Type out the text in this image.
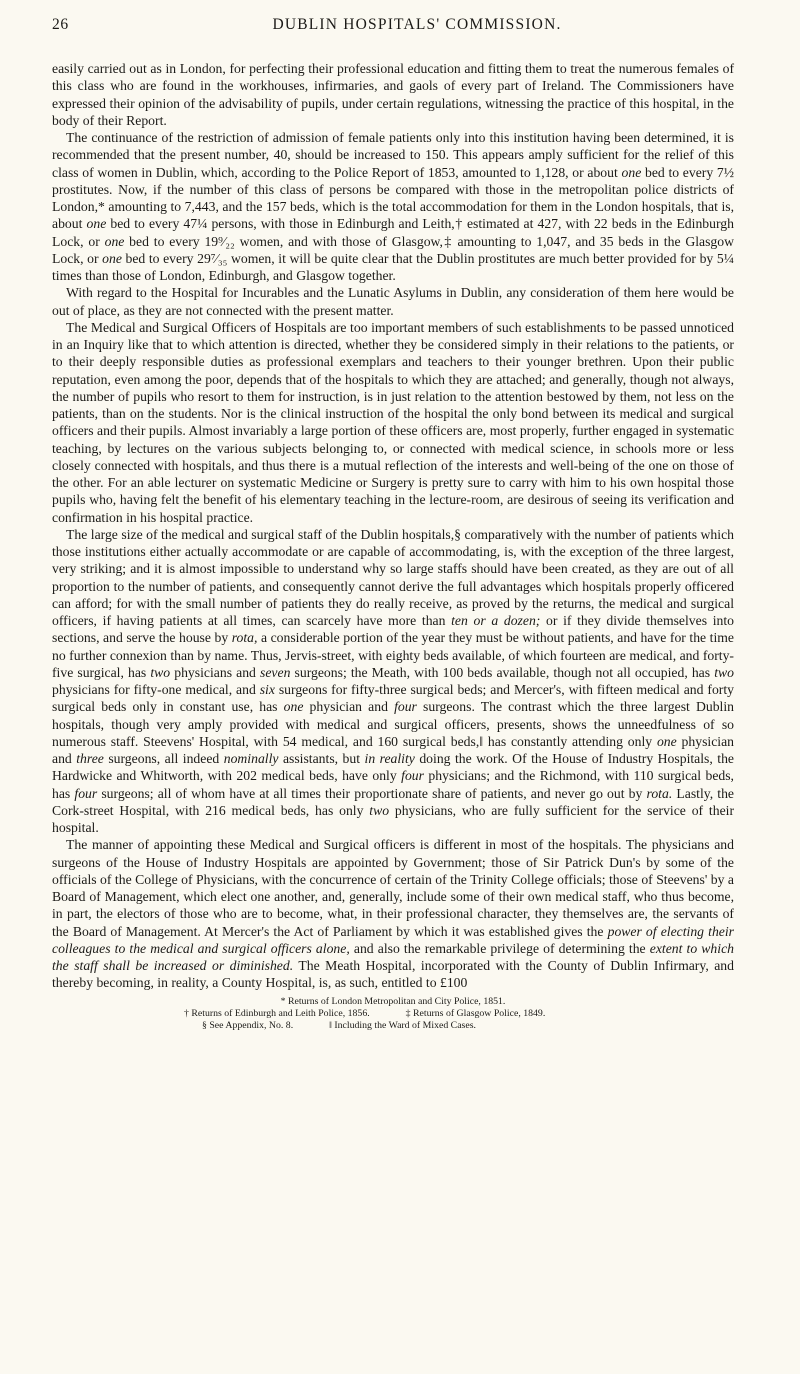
26	DUBLIN HOSPITALS' COMMISSION.

easily carried out as in London, for perfecting their professional education and fitting them to treat the numerous females of this class who are found in the workhouses, infirmaries, and gaols of every part of Ireland. The Commissioners have expressed their opinion of the advisability of pupils, under certain regulations, witnessing the practice of this hospital, in the body of their Report.

The continuance of the restriction of admission of female patients only into this institution having been determined, it is recommended that the present number, 40, should be increased to 150. This appears amply sufficient for the relief of this class of women in Dublin, which, according to the Police Report of 1853, amounted to 1,128, or about one bed to every 7½ prostitutes. Now, if the number of this class of persons be compared with those in the metropolitan police districts of London,* amounting to 7,443, and the 157 beds, which is the total accommodation for them in the London hospitals, that is, about one bed to every 47¼ persons, with those in Edinburgh and Leith,† estimated at 427, with 22 beds in the Edinburgh Lock, or one bed to every 19⁹⁄₂₂ women, and with those of Glasgow,‡ amounting to 1,047, and 35 beds in the Glasgow Lock, or one bed to every 29⁷⁄₃₅ women, it will be quite clear that the Dublin prostitutes are much better provided for by 5¼ times than those of London, Edinburgh, and Glasgow together.

With regard to the Hospital for Incurables and the Lunatic Asylums in Dublin, any consideration of them here would be out of place, as they are not connected with the present matter.

The Medical and Surgical Officers of Hospitals are too important members of such establishments to be passed unnoticed in an Inquiry like that to which attention is directed, whether they be considered simply in their relations to the patients, or to their deeply responsible duties as professional exemplars and teachers to their younger brethren. Upon their public reputation, even among the poor, depends that of the hospitals to which they are attached; and generally, though not always, the number of pupils who resort to them for instruction, is in just relation to the attention bestowed by them, not less on the patients, than on the students. Nor is the clinical instruction of the hospital the only bond between its medical and surgical officers and their pupils. Almost invariably a large portion of these officers are, most properly, further engaged in systematic teaching, by lectures on the various subjects belonging to, or connected with medical science, in schools more or less closely connected with hospitals, and thus there is a mutual reflection of the interests and well-being of the one on those of the other. For an able lecturer on systematic Medicine or Surgery is pretty sure to carry with him to his own hospital those pupils who, having felt the benefit of his elementary teaching in the lecture-room, are desirous of seeing its verification and confirmation in his hospital practice.

The large size of the medical and surgical staff of the Dublin hospitals,§ comparatively with the number of patients which those institutions either actually accommodate or are capable of accommodating, is, with the exception of the three largest, very striking; and it is almost impossible to understand why so large staffs should have been created, as they are out of all proportion to the number of patients, and consequently cannot derive the full advantages which hospitals properly officered can afford; for with the small number of patients they do really receive, as proved by the returns, the medical and surgical officers, if having patients at all times, can scarcely have more than ten or a dozen; or if they divide themselves into sections, and serve the house by rota, a considerable portion of the year they must be without patients, and have for the time no further connexion than by name. Thus, Jervis-street, with eighty beds available, of which fourteen are medical, and forty-five surgical, has two physicians and seven surgeons; the Meath, with 100 beds available, though not all occupied, has two physicians for fifty-one medical, and six surgeons for fifty-three surgical beds; and Mercer's, with fifteen medical and forty surgical beds only in constant use, has one physician and four surgeons. The contrast which the three largest Dublin hospitals, though very amply provided with medical and surgical officers, presents, shows the unneedfulness of so numerous staff. Steevens' Hospital, with 54 medical, and 160 surgical beds,‖ has constantly attending only one physician and three surgeons, all indeed nominally assistants, but in reality doing the work. Of the House of Industry Hospitals, the Hardwicke and Whitworth, with 202 medical beds, have only four physicians; and the Richmond, with 110 surgical beds, has four surgeons; all of whom have at all times their proportionate share of patients, and never go out by rota. Lastly, the Cork-street Hospital, with 216 medical beds, has only two physicians, who are fully sufficient for the service of their hospital.

The manner of appointing these Medical and Surgical officers is different in most of the hospitals. The physicians and surgeons of the House of Industry Hospitals are appointed by Government; those of Sir Patrick Dun's by some of the officials of the College of Physicians, with the concurrence of certain of the Trinity College officials; those of Steevens' by a Board of Management, which elect one another, and, generally, include some of their own medical staff, who thus become, in part, the electors of those who are to become, what, in their professional character, they themselves are, the servants of the Board of Management. At Mercer's the Act of Parliament by which it was established gives the power of electing their colleagues to the medical and surgical officers alone, and also the remarkable privilege of determining the extent to which the staff shall be increased or diminished. The Meath Hospital, incorporated with the County of Dublin Infirmary, and thereby becoming, in reality, a County Hospital, is, as such, entitled to £100

* Returns of London Metropolitan and City Police, 1851.
† Returns of Edinburgh and Leith Police, 1856.	‡ Returns of Glasgow Police, 1849.
§ See Appendix, No. 8.	‖ Including the Ward of Mixed Cases.
